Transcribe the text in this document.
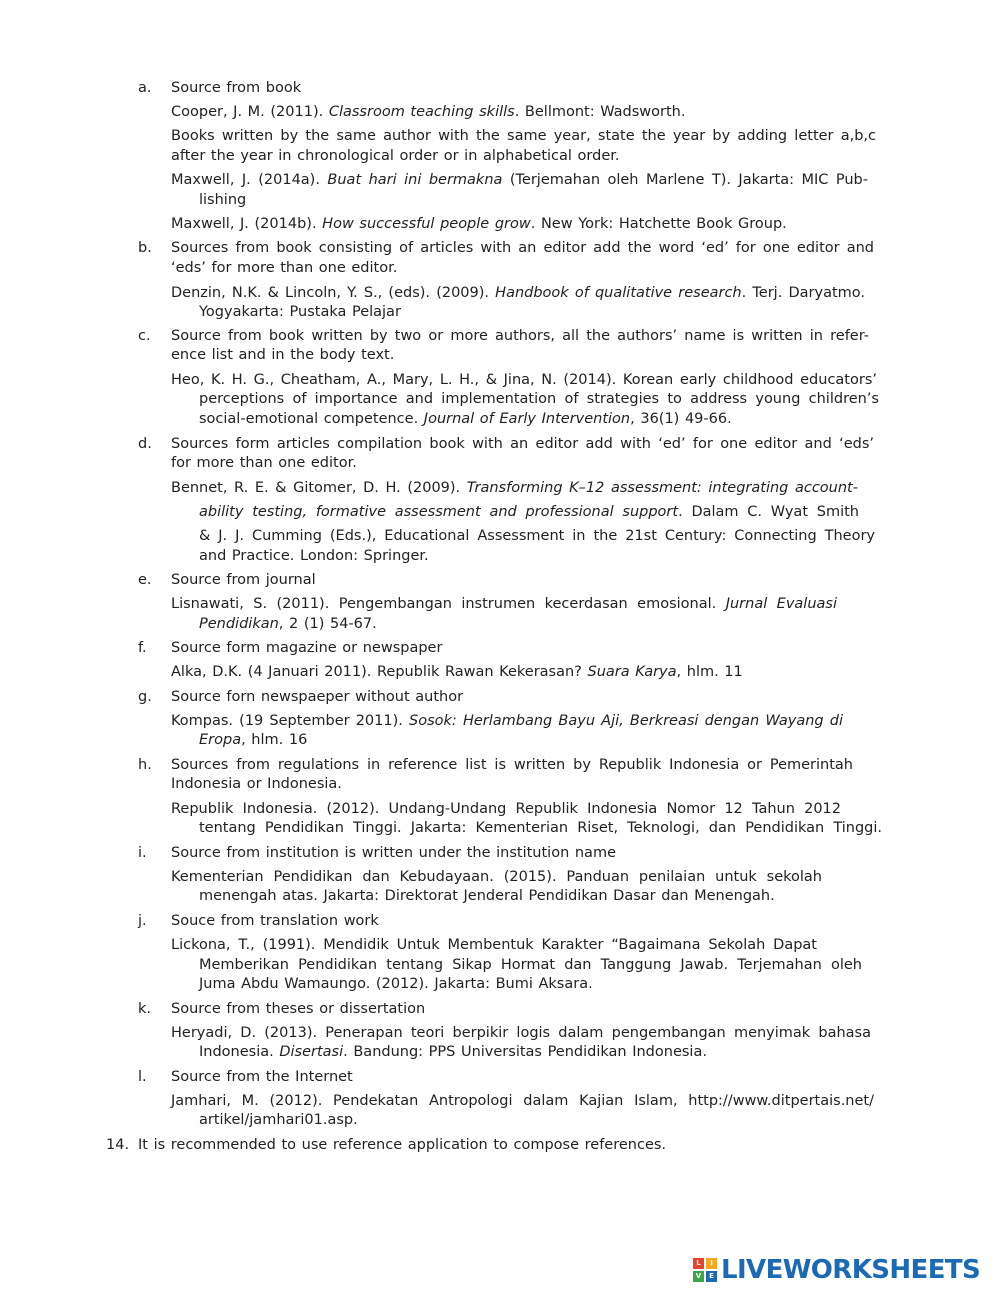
a. Source from book
Cooper, J. M. (2011). Classroom teaching skills. Bellmont: Wadsworth.
Books written by the same author with the same year, state the year by adding letter a,b,c
after the year in chronological order or in alphabetical order.
Maxwell, J. (2014a). Buat hari ini bermakna (Terjemahan oleh Marlene T). Jakarta: MIC Pub-
lishing
Maxwell, J. (2014b). How successful people grow. New York: Hatchette Book Group.
b. Sources from book consisting of articles with an editor add the word ‘ed’ for one editor and
‘eds’ for more than one editor.
Denzin, N.K. & Lincoln, Y. S., (eds). (2009). Handbook of qualitative research. Terj. Daryatmo.
Yogyakarta: Pustaka Pelajar
c. Source from book written by two or more authors, all the authors’ name is written in refer-
ence list and in the body text.
Heo, K. H. G., Cheatham, A., Mary, L. H., & Jina, N. (2014). Korean early childhood educators’
perceptions of importance and implementation of strategies to address young children’s
social-emotional competence. Journal of Early Intervention, 36(1) 49-66.
d. Sources form articles compilation book with an editor add with ‘ed’ for one editor and ‘eds’
for more than one editor.
Bennet, R. E. & Gitomer, D. H. (2009). Transforming K–12 assessment: integrating account-
ability testing, formative assessment and professional support. Dalam C. Wyat Smith
& J. J. Cumming (Eds.), Educational Assessment in the 21st Century: Connecting Theory
and Practice. London: Springer.
e. Source from journal
Lisnawati, S. (2011). Pengembangan instrumen kecerdasan emosional. Jurnal Evaluasi
Pendidikan, 2 (1) 54-67.
f. Source form magazine or newspaper
Alka, D.K. (4 Januari 2011). Republik Rawan Kekerasan? Suara Karya, hlm. 11
g. Source forn newspaeper without author
Kompas. (19 September 2011). Sosok: Herlambang Bayu Aji, Berkreasi dengan Wayang di
Eropa, hlm. 16
h. Sources from regulations in reference list is written by Republik Indonesia or Pemerintah
Indonesia or Indonesia.
Republik Indonesia. (2012). Undang-Undang Republik Indonesia Nomor 12 Tahun 2012
tentang Pendidikan Tinggi. Jakarta: Kementerian Riset, Teknologi, dan Pendidikan Tinggi.
i. Source from institution is written under the institution name
Kementerian Pendidikan dan Kebudayaan. (2015). Panduan penilaian untuk sekolah
menengah atas. Jakarta: Direktorat Jenderal Pendidikan Dasar dan Menengah.
j. Souce from translation work
Lickona, T., (1991). Mendidik Untuk Membentuk Karakter “Bagaimana Sekolah Dapat
Memberikan Pendidikan tentang Sikap Hormat dan Tanggung Jawab. Terjemahan oleh
Juma Abdu Wamaungo. (2012). Jakarta: Bumi Aksara.
k. Source from theses or dissertation
Heryadi, D. (2013). Penerapan teori berpikir logis dalam pengembangan menyimak bahasa
Indonesia. Disertasi. Bandung: PPS Universitas Pendidikan Indonesia.
l. Source from the Internet
Jamhari, M. (2012). Pendekatan Antropologi dalam Kajian Islam, http://www.ditpertais.net/
artikel/jamhari01.asp.
14. It is recommended to use reference application to compose references.
L	I
V	E LIVEWORKSHEETS
